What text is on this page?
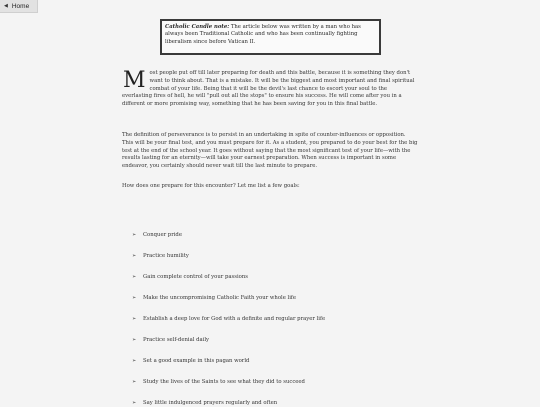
◀ Home
Catholic Candle note: The article below was written by a man who has always been Traditional Catholic and who has been continually fighting liberalism since before Vatican II.

Most people put off till later preparing for death and this battle, because it is something they don't want to think about. That is a mistake. It will be the biggest and most important and final spiritual combat of your life. Being that it will be the devil's last chance to escort your soul to the everlasting fires of hell, he will "pull out all the stops" to ensure his success. He will come after you in a different or more promising way, something that he has been saving for you in this final battle.

The definition of perseverance is to persist in an undertaking in spite of counter-influences or opposition. This will be your final test, and you must prepare for it. As a student, you prepared to do your best for the big test at the end of the school year. It goes without saying that the most significant test of your life—with the results lasting for an eternity—will take your earnest preparation. When success is important in some endeavor, you certainly should never wait till the last minute to prepare.

How does one prepare for this encounter? Let me list a few goals:

➢ Conquer pride
➢ Practice humility
➢ Gain complete control of your passions
➢ Make the uncompromising Catholic Faith your whole life
➢ Establish a deep love for God with a definite and regular prayer life
➢ Practice self-denial daily
➢ Set a good example in this pagan world
➢ Study the lives of the Saints to see what they did to succeed
➢ Say little indulgenced prayers regularly and often
